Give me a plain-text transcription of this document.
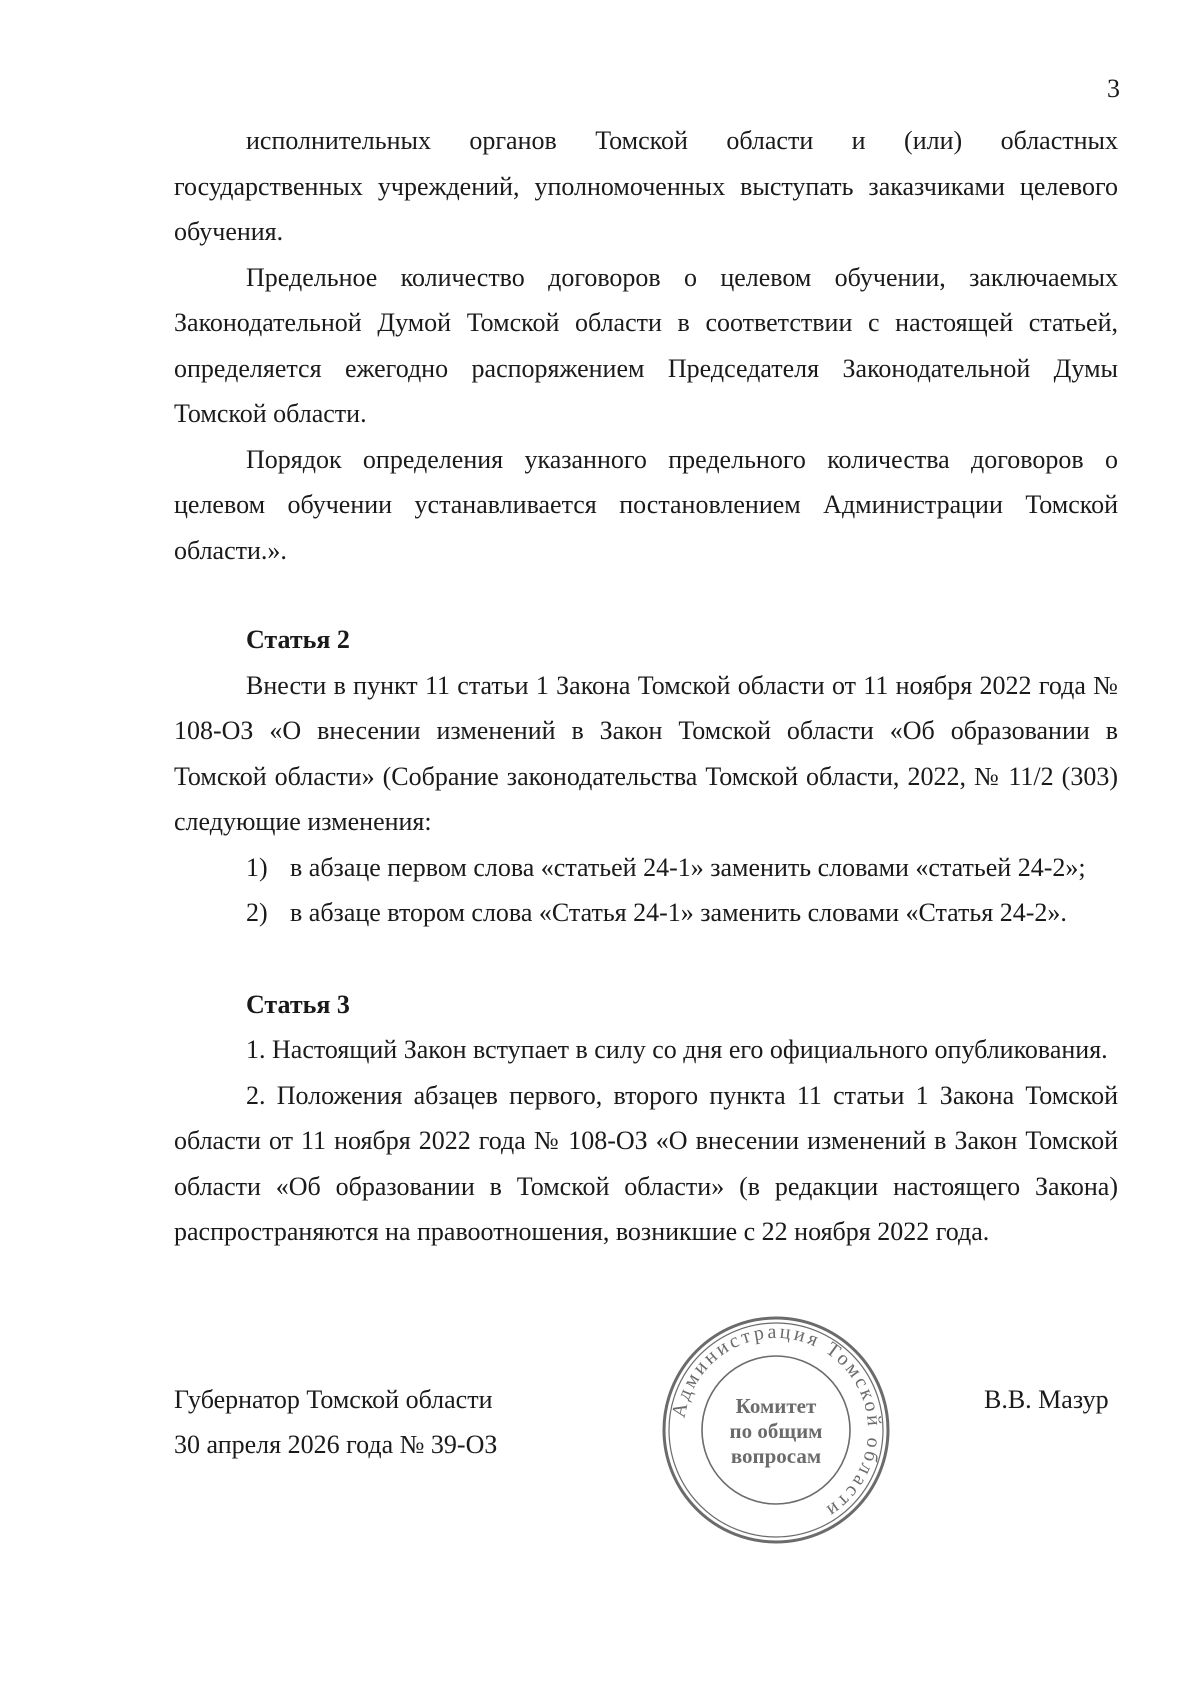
3

исполнительных органов Томской области и (или) областных государственных учреждений, уполномоченных выступать заказчиками целевого обучения.

Предельное количество договоров о целевом обучении, заключаемых Законодательной Думой Томской области в соответствии с настоящей статьей, определяется ежегодно распоряжением Председателя Законодательной Думы Томской области.

Порядок определения указанного предельного количества договоров о целевом обучении устанавливается постановлением Администрации Томской области.».

Статья 2

Внести в пункт 11 статьи 1 Закона Томской области от 11 ноября 2022 года № 108-ОЗ «О внесении изменений в Закон Томской области «Об образовании в Томской области» (Собрание законодательства Томской области, 2022, № 11/2 (303) следующие изменения:

1) в абзаце первом слова «статьей 24-1» заменить словами «статьей 24-2»;

2) в абзаце втором слова «Статья 24-1» заменить словами «Статья 24-2».

Статья 3

1. Настоящий Закон вступает в силу со дня его официального опубликования.

2. Положения абзацев первого, второго пункта 11 статьи 1 Закона Томской области от 11 ноября 2022 года № 108-ОЗ «О внесении изменений в Закон Томской области «Об образовании в Томской области» (в редакции настоящего Закона) распространяются на правоотношения, возникшие с 22 ноября 2022 года.

Губернатор Томской области
30 апреля 2026 года № 39-ОЗ
В.В. Мазур
Администрация Томской области
Комитет
по общим
вопросам
